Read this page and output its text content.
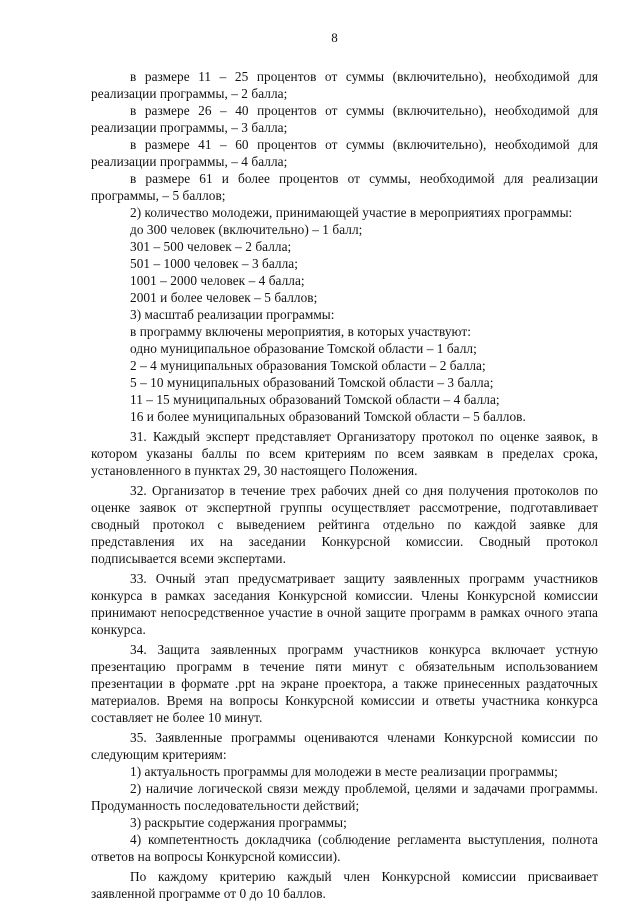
8

в размере 11 – 25 процентов от суммы (включительно), необходимой для реализации программы, – 2 балла;

в размере 26 – 40 процентов от суммы (включительно), необходимой для реализации программы, – 3 балла;

в размере 41 – 60 процентов от суммы (включительно), необходимой для реализации программы, – 4 балла;

в размере 61 и более процентов от суммы, необходимой для реализации программы, – 5 баллов;

2) количество молодежи, принимающей участие в мероприятиях программы:

до 300 человек (включительно) – 1 балл;

301 – 500 человек – 2 балла;

501 – 1000 человек – 3 балла;

1001 – 2000 человек – 4 балла;

2001 и более человек – 5 баллов;

3) масштаб реализации программы:

в программу включены мероприятия, в которых участвуют:

одно муниципальное образование Томской области – 1 балл;

2 – 4 муниципальных образования Томской области – 2 балла;

5 – 10 муниципальных образований Томской области – 3 балла;

11 – 15 муниципальных образований Томской области – 4 балла;

16 и более муниципальных образований Томской области – 5 баллов.

31. Каждый эксперт представляет Организатору протокол по оценке заявок, в котором указаны баллы по всем критериям по всем заявкам в пределах срока, установленного в пунктах 29, 30 настоящего Положения.

32. Организатор в течение трех рабочих дней со дня получения протоколов по оценке заявок от экспертной группы осуществляет рассмотрение, подготавливает сводный протокол с выведением рейтинга отдельно по каждой заявке для представления их на заседании Конкурсной комиссии. Сводный протокол подписывается всеми экспертами.

33. Очный этап предусматривает защиту заявленных программ участников конкурса в рамках заседания Конкурсной комиссии. Члены Конкурсной комиссии принимают непосредственное участие в очной защите программ в рамках очного этапа конкурса.

34. Защита заявленных программ участников конкурса включает устную презентацию программ в течение пяти минут с обязательным использованием презентации в формате .ppt на экране проектора, а также принесенных раздаточных материалов. Время на вопросы Конкурсной комиссии и ответы участника конкурса составляет не более 10 минут.

35. Заявленные программы оцениваются членами Конкурсной комиссии по следующим критериям:

1) актуальность программы для молодежи в месте реализации программы;

2) наличие логической связи между проблемой, целями и задачами программы. Продуманность последовательности действий;

3) раскрытие содержания программы;

4) компетентность докладчика (соблюдение регламента выступления, полнота ответов на вопросы Конкурсной комиссии).

По каждому критерию каждый член Конкурсной комиссии присваивает заявленной программе от 0 до 10 баллов.
